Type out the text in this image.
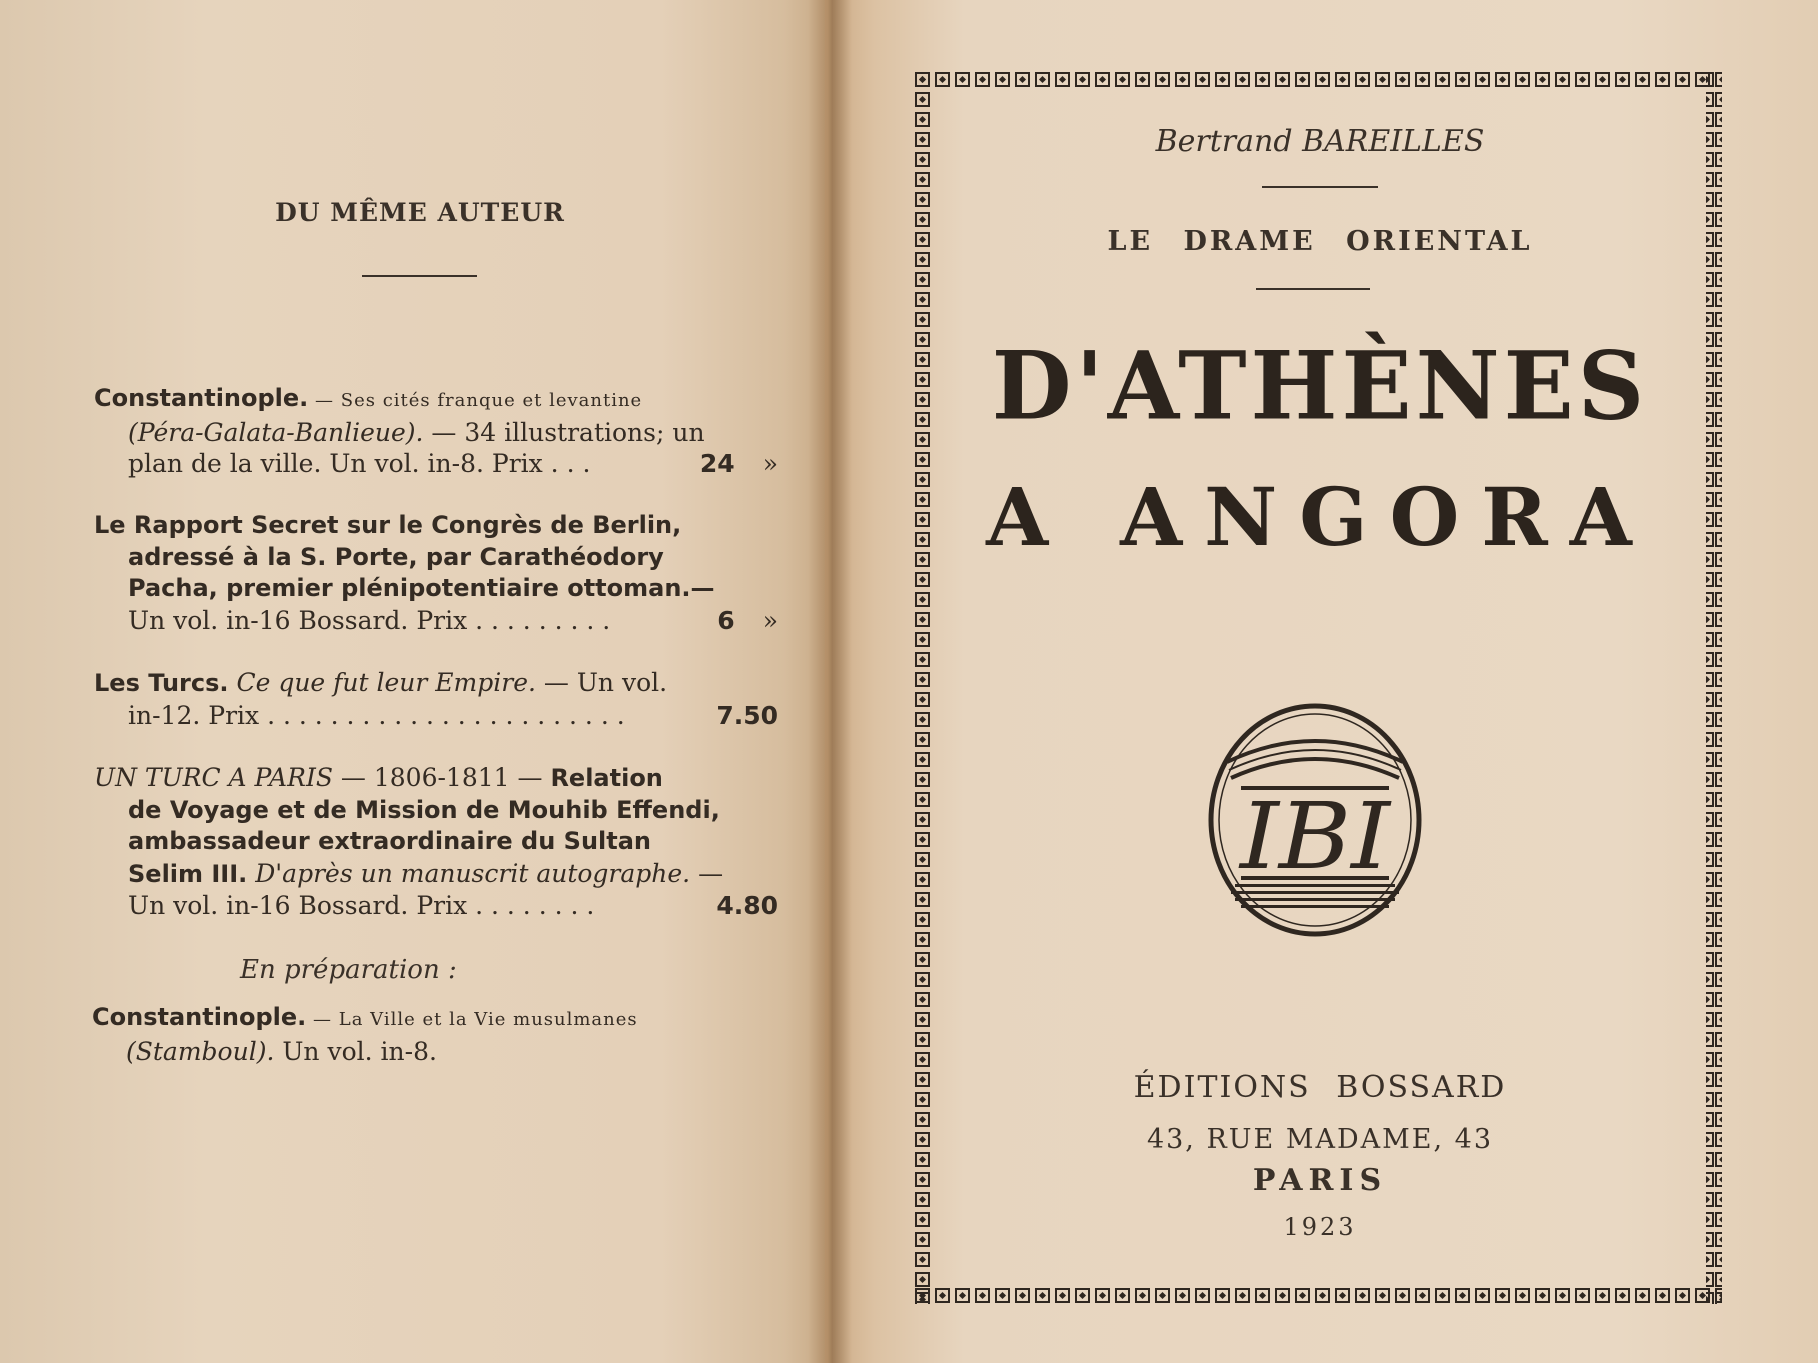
DU MÊME AUTEUR
Constantinople. — Ses cités franque et levantine
(Péra-Galata-Banlieue). — 34 illustrations; un
plan de la ville. Un vol. in-8. Prix . . .	24 »
Le Rapport Secret sur le Congrès de Berlin,
adressé à la S. Porte, par Carathéodory
Pacha, premier plénipotentiaire ottoman.—
Un vol. in-16 Bossard. Prix . . . . . . . . .	6 »
Les Turcs. Ce que fut leur Empire. — Un vol.
in-12. Prix . . . . . . . . . . . . . . . . . . . . . . .	7.50
UN TURC A PARIS — 1806-1811 — Relation
de Voyage et de Mission de Mouhib Effendi,
ambassadeur extraordinaire du Sultan
Selim III. D'après un manuscrit autographe. —
Un vol. in-16 Bossard. Prix . . . . . . . .	4.80
En préparation :
Constantinople. — La Ville et la Vie musulmanes
(Stamboul). Un vol. in-8.
Bertrand BAREILLES
LE DRAME ORIENTAL
D'ATHÈNES
A ANGORA
IBI
ÉDITIONS BOSSARD
43, RUE MADAME, 43
PARIS
1923
